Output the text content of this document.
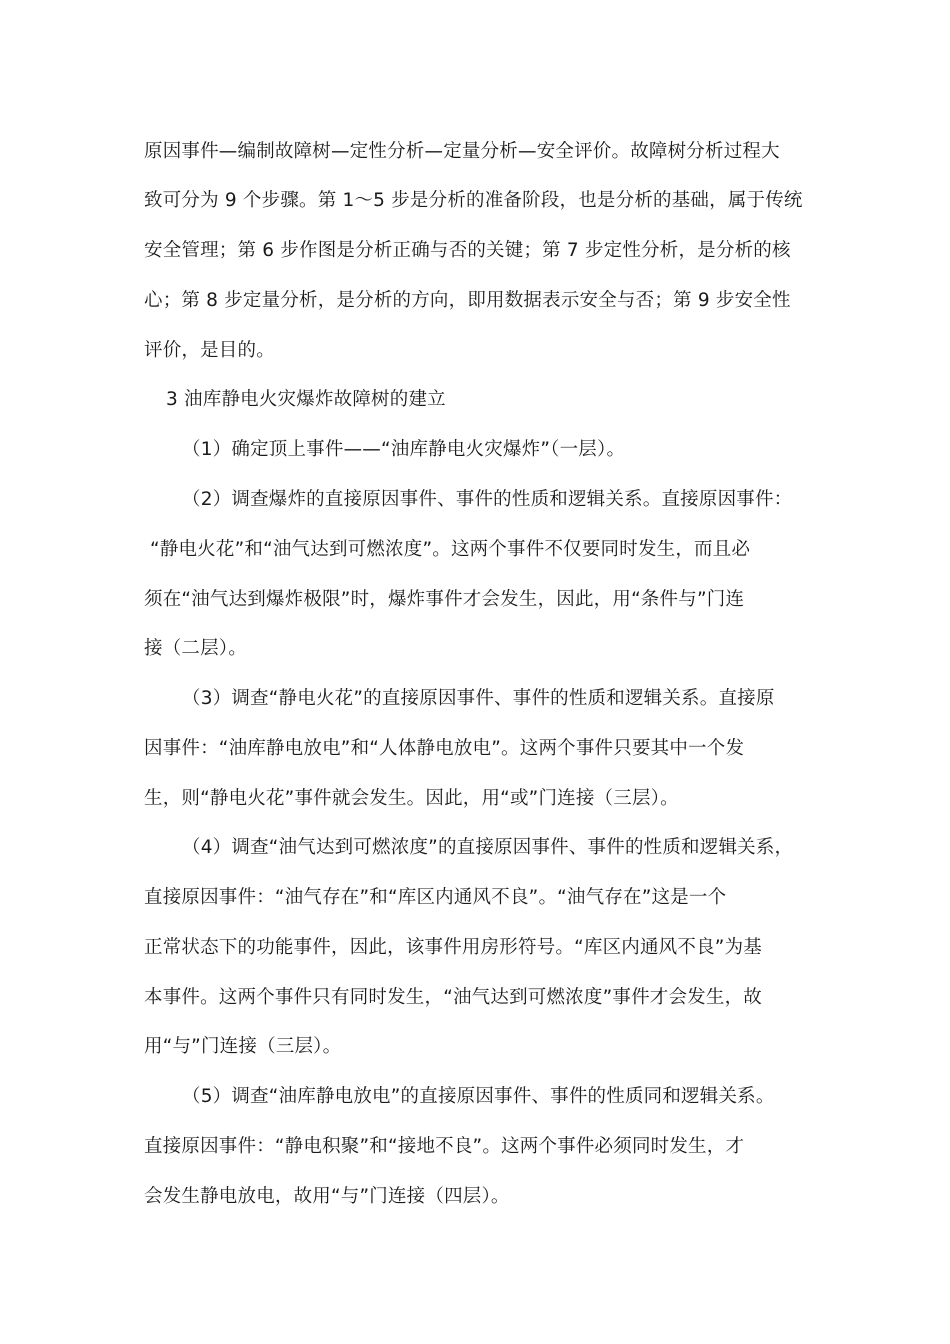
原因事件—编制故障树—定性分析—定量分析—安全评价。故障树分析过程大
致可分为 9 个步骤。第 1～5 步是分析的准备阶段，也是分析的基础，属于传统
安全管理；第 6 步作图是分析正确与否的关键；第 7 步定性分析，是分析的核
心；第 8 步定量分析，是分析的方向，即用数据表示安全与否；第 9 步安全性
评价，是目的。
3 油库静电火灾爆炸故障树的建立
（1）确定顶上事件——“油库静电火灾爆炸”（一层）。
（2）调查爆炸的直接原因事件、事件的性质和逻辑关系。直接原因事件：
“静电火花”和“油气达到可燃浓度”。这两个事件不仅要同时发生，而且必
须在“油气达到爆炸极限”时，爆炸事件才会发生，因此，用“条件与”门连
接（二层）。
（3）调查“静电火花”的直接原因事件、事件的性质和逻辑关系。直接原
因事件：“油库静电放电”和“人体静电放电”。这两个事件只要其中一个发
生，则“静电火花”事件就会发生。因此，用“或”门连接（三层）。
（4）调查“油气达到可燃浓度”的直接原因事件、事件的性质和逻辑关系，
直接原因事件：“油气存在”和“库区内通风不良”。“油气存在”这是一个
正常状态下的功能事件，因此，该事件用房形符号。“库区内通风不良”为基
本事件。这两个事件只有同时发生，“油气达到可燃浓度”事件才会发生，故
用“与”门连接（三层）。
（5）调查“油库静电放电”的直接原因事件、事件的性质同和逻辑关系。
直接原因事件：“静电积聚”和“接地不良”。这两个事件必须同时发生，才
会发生静电放电，故用“与”门连接（四层）。
